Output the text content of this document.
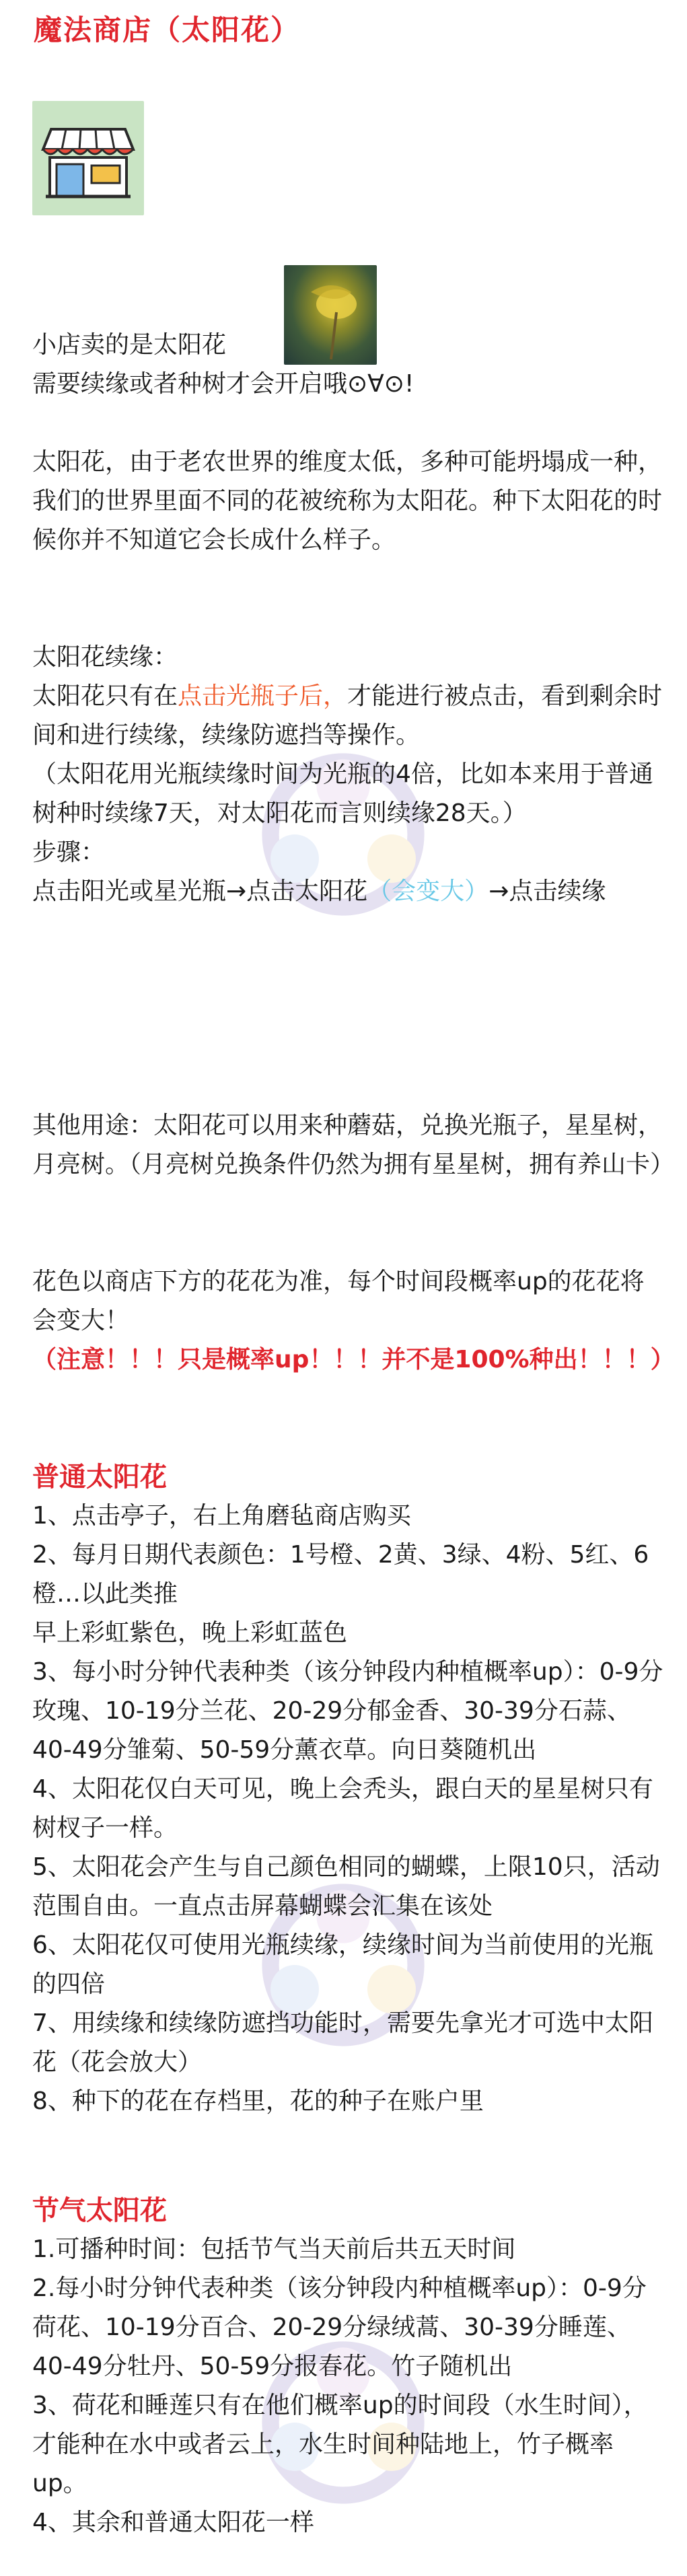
魔法商店（太阳花）

小店卖的是太阳花

需要续缘或者种树才会开启哦⊙∀⊙!

太阳花，由于老农世界的维度太低，多种可能坍塌成一种，我们的世界里面不同的花被统称为太阳花。种下太阳花的时候你并不知道它会长成什么样子。

太阳花续缘：

太阳花只有在点击光瓶子后，才能进行被点击，看到剩余时间和进行续缘，续缘防遮挡等操作。

（太阳花用光瓶续缘时间为光瓶的4倍，比如本来用于普通树种时续缘7天，对太阳花而言则续缘28天。）

步骤：

点击阳光或星光瓶→点击太阳花（会变大）→点击续缘

其他用途：太阳花可以用来种蘑菇，兑换光瓶子，星星树，月亮树。（月亮树兑换条件仍然为拥有星星树，拥有养山卡）

花色以商店下方的花花为准，每个时间段概率up的花花将会变大！

（注意！！！只是概率up！！！并不是100%种出！！！）

普通太阳花

1、点击亭子，右上角磨毡商店购买

2、每月日期代表颜色：1号橙、2黄、3绿、4粉、5红、6橙…以此类推

早上彩虹紫色，晚上彩虹蓝色

3、每小时分钟代表种类（该分钟段内种植概率up）：0-9分玫瑰、10-19分兰花、20-29分郁金香、30-39分石蒜、40-49分雏菊、50-59分薰衣草。向日葵随机出

4、太阳花仅白天可见，晚上会秃头，跟白天的星星树只有树杈子一样。

5、太阳花会产生与自己颜色相同的蝴蝶，上限10只，活动范围自由。一直点击屏幕蝴蝶会汇集在该处

6、太阳花仅可使用光瓶续缘，续缘时间为当前使用的光瓶的四倍

7、用续缘和续缘防遮挡功能时，需要先拿光才可选中太阳花（花会放大）

8、种下的花在存档里，花的种子在账户里

节气太阳花

1.可播种时间：包括节气当天前后共五天时间

2.每小时分钟代表种类（该分钟段内种植概率up）：0-9分荷花、10-19分百合、20-29分绿绒蒿、30-39分睡莲、40-49分牡丹、50-59分报春花。竹子随机出

3、荷花和睡莲只有在他们概率up的时间段（水生时间），才能种在水中或者云上，水生时间种陆地上，竹子概率up。

4、其余和普通太阳花一样
